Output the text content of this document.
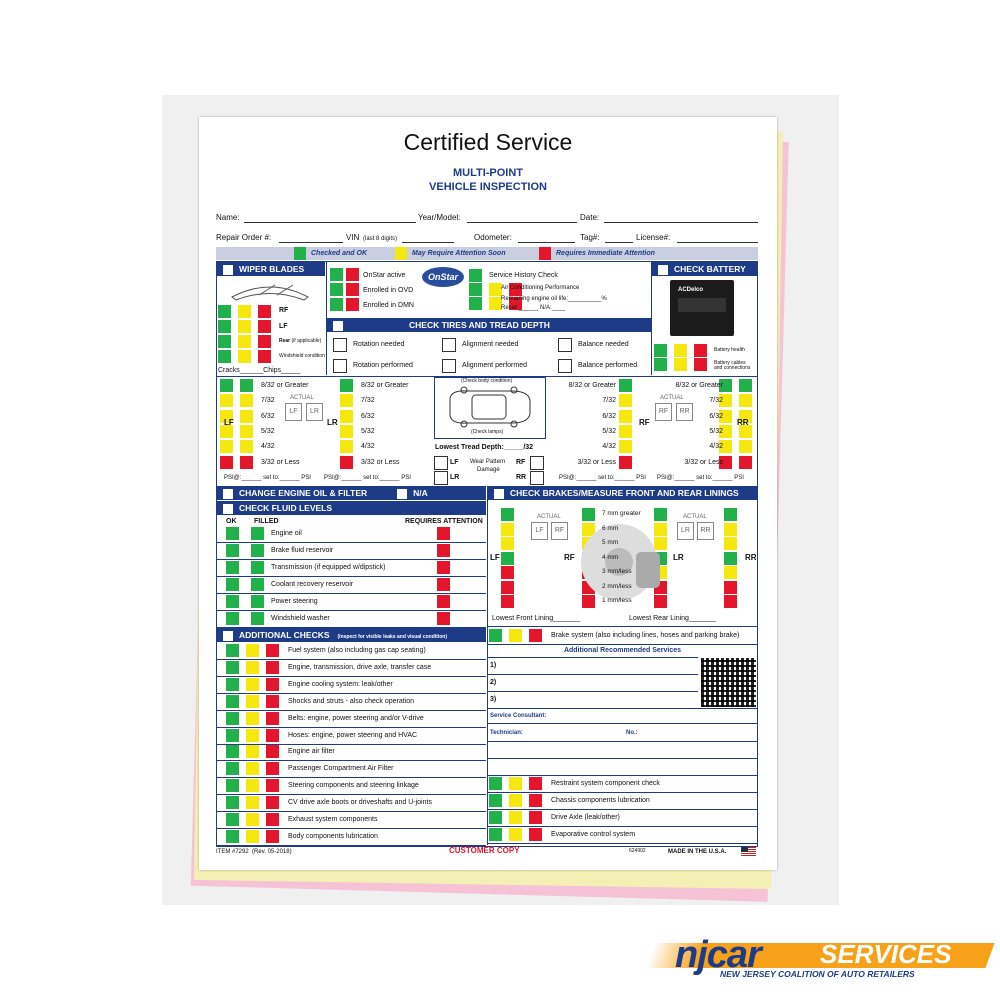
Certified Service
MULTI-POINT
VEHICLE INSPECTION
Name:	Year/Model:	Date:
Repair Order #:	VIN (last 8 digits)	Odometer:	Tag#:	License#:
Checked and OK	May Require Attention Soon	Requires Immediate Attention
WIPER BLADES
RF
LF
Rear (if applicable)
Windshield condition
Cracks______Chips_____
OnStar active
Enrolled in OVD
Enrolled in DMN
OnStar	Service History Check
Air Conditioning Performance
Remaining engine oil life:__________%
Reset:______ N/A:____
CHECK BATTERY
ACDelco
Battery health
Battery cables and connections
CHECK TIRES AND TREAD DEPTH
Rotation needed	Alignment needed	Balance needed
Rotation performed	Alignment performed	Balance performed
8/32 or Greater
7/32
6/32
5/32
4/32
3/32 or Less
8/32 or Greater
7/32
6/32
5/32
4/32
3/32 or Less
8/32 or Greater
7/32
6/32
5/32
4/32
3/32 or Less
8/32 or Greater
7/32
6/32
5/32
4/32
3/32 or Less
LF	LR	RF	RR
ACTUAL
LF	LR
ACTUAL
RF	RR
(Check body condition)
(Check lamps)
Lowest Tread Depth:_____/32
LF
LR
Wear Pattern
Damage
RF
RR
PSI@:______ set to:______ PSI PSI@:______ set to:______ PSI	PSI@:______ set to:______ PSI PSI@:______ set to:______ PSI
CHANGE ENGINE OIL & FILTER	N/A	CHECK BRAKES/MEASURE FRONT AND REAR LININGS
CHECK FLUID LEVELS
OK	FILLED	REQUIRES ATTENTION
Engine oil
Brake fluid reservoir
Transmission (if equipped w/dipstick)
Coolant recovery reservoir
Power steering
Windshield washer
LF	RF	LR	RR
ACTUAL
LF	RF
ACTUAL
LR	RR
7 mm greater
6 mm
5 mm
4 mm
3 mm/less
2 mm/less
1 mm/less
Lowest Front Lining_______	Lowest Rear Lining_______
Brake system (also including lines, hoses and parking brake)
Additional Recommended Services
1)
2)
3)
Service Consultant:
Technician:	No.:
Restraint system component check
Chassis components lubrication
Drive Axle (leak/other)
Evaporative control system
ADDITIONAL CHECKS (Inspect for visible leaks and visual condition)
Fuel system (also including gas cap seating)
Engine, transmission, drive axle, transfer case
Engine cooling system: leak/other
Shocks and struts - also check operation
Belts: engine, power steering and/or V-drive
Hoses: engine, power steering and HVAC
Engine air filter
Passenger Compartment Air Filter
Steering components and steering linkage
CV drive axle boots or driveshafts and U-joints
Exhaust system components
Body components lubrication
ITEM #7292 (Rev. 05-2018)	CUSTOMER COPY	624902	MADE IN THE U.S.A.
njcar SERVICES
NEW JERSEY COALITION OF AUTO RETAILERS
